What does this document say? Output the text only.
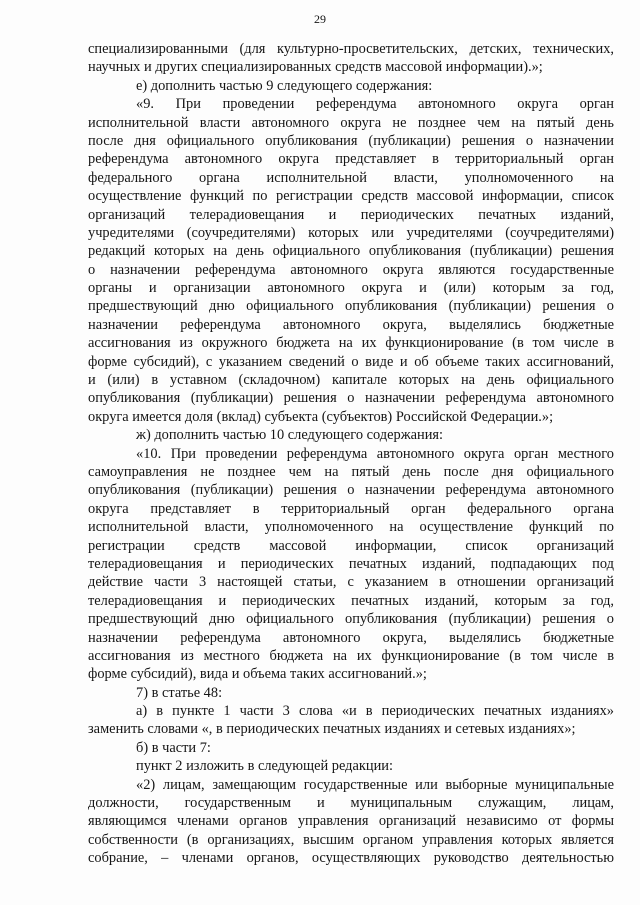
29
специализированными (для культурно-просветительских, детских, технических,
научных и других специализированных средств массовой информации).»;
е) дополнить частью 9 следующего содержания:
«9. При проведении референдума автономного округа орган
исполнительной власти автономного округа не позднее чем на пятый день
после дня официального опубликования (публикации) решения о назначении
референдума автономного округа представляет в территориальный орган
федерального органа исполнительной власти, уполномоченного на
осуществление функций по регистрации средств массовой информации, список
организаций телерадиовещания и периодических печатных изданий,
учредителями (соучредителями) которых или учредителями (соучредителями)
редакций которых на день официального опубликования (публикации) решения
о назначении референдума автономного округа являются государственные
органы и организации автономного округа и (или) которым за год,
предшествующий дню официального опубликования (публикации) решения о
назначении референдума автономного округа, выделялись бюджетные
ассигнования из окружного бюджета на их функционирование (в том числе в
форме субсидий), с указанием сведений о виде и об объеме таких ассигнований,
и (или) в уставном (складочном) капитале которых на день официального
опубликования (публикации) решения о назначении референдума автономного
округа имеется доля (вклад) субъекта (субъектов) Российской Федерации.»;
ж) дополнить частью 10 следующего содержания:
«10. При проведении референдума автономного округа орган местного
самоуправления не позднее чем на пятый день после дня официального
опубликования (публикации) решения о назначении референдума автономного
округа представляет в территориальный орган федерального органа
исполнительной власти, уполномоченного на осуществление функций по
регистрации средств массовой информации, список организаций
телерадиовещания и периодических печатных изданий, подпадающих под
действие части 3 настоящей статьи, с указанием в отношении организаций
телерадиовещания и периодических печатных изданий, которым за год,
предшествующий дню официального опубликования (публикации) решения о
назначении референдума автономного округа, выделялись бюджетные
ассигнования из местного бюджета на их функционирование (в том числе в
форме субсидий), вида и объема таких ассигнований.»;
7) в статье 48:
а) в пункте 1 части 3 слова «и в периодических печатных изданиях»
заменить словами «, в периодических печатных изданиях и сетевых изданиях»;
б) в части 7:
пункт 2 изложить в следующей редакции:
«2) лицам, замещающим государственные или выборные муниципальные
должности, государственным и муниципальным служащим, лицам,
являющимся членами органов управления организаций независимо от формы
собственности (в организациях, высшим органом управления которых является
собрание, – членами органов, осуществляющих руководство деятельностью
